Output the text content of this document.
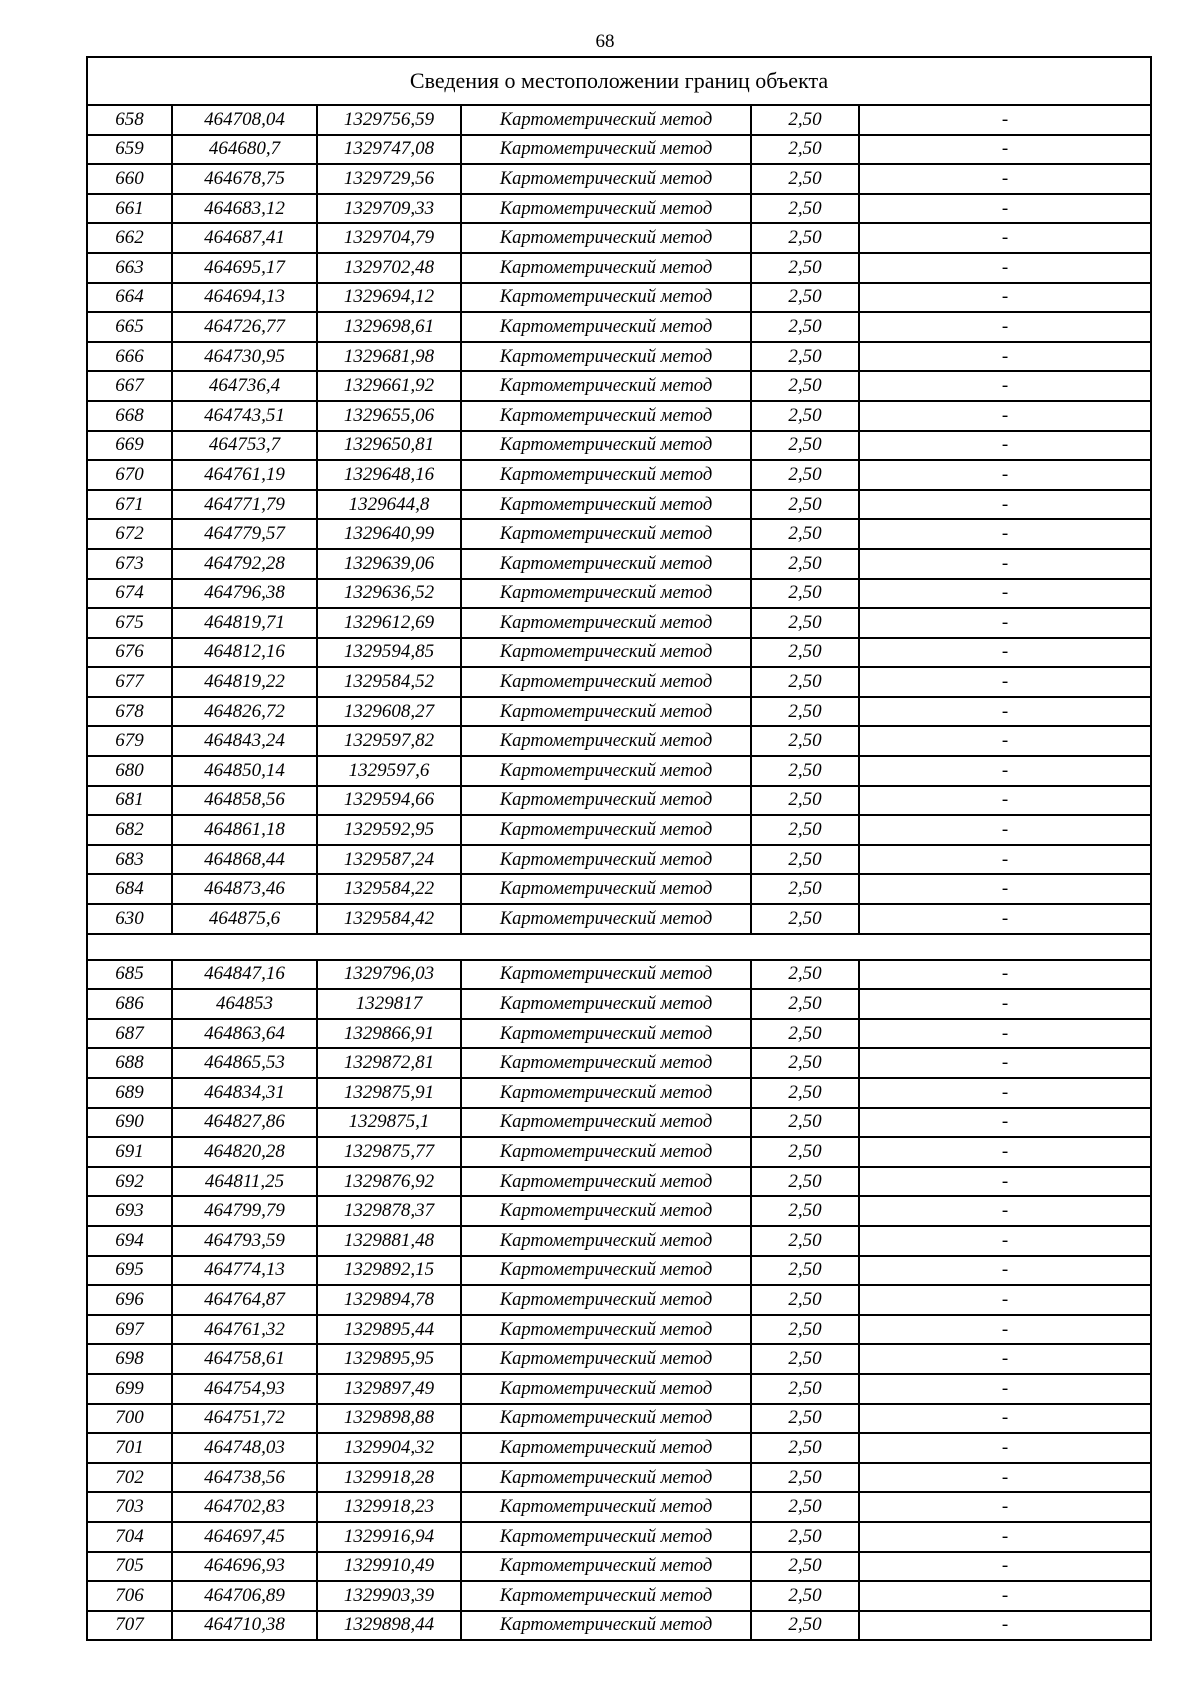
68
Сведения о местоположении границ объекта					
658	464708,04	1329756,59	Картометрический метод	2,50	-
659	464680,7	1329747,08	Картометрический метод	2,50	-
660	464678,75	1329729,56	Картометрический метод	2,50	-
661	464683,12	1329709,33	Картометрический метод	2,50	-
662	464687,41	1329704,79	Картометрический метод	2,50	-
663	464695,17	1329702,48	Картометрический метод	2,50	-
664	464694,13	1329694,12	Картометрический метод	2,50	-
665	464726,77	1329698,61	Картометрический метод	2,50	-
666	464730,95	1329681,98	Картометрический метод	2,50	-
667	464736,4	1329661,92	Картометрический метод	2,50	-
668	464743,51	1329655,06	Картометрический метод	2,50	-
669	464753,7	1329650,81	Картометрический метод	2,50	-
670	464761,19	1329648,16	Картометрический метод	2,50	-
671	464771,79	1329644,8	Картометрический метод	2,50	-
672	464779,57	1329640,99	Картометрический метод	2,50	-
673	464792,28	1329639,06	Картометрический метод	2,50	-
674	464796,38	1329636,52	Картометрический метод	2,50	-
675	464819,71	1329612,69	Картометрический метод	2,50	-
676	464812,16	1329594,85	Картометрический метод	2,50	-
677	464819,22	1329584,52	Картометрический метод	2,50	-
678	464826,72	1329608,27	Картометрический метод	2,50	-
679	464843,24	1329597,82	Картометрический метод	2,50	-
680	464850,14	1329597,6	Картометрический метод	2,50	-
681	464858,56	1329594,66	Картометрический метод	2,50	-
682	464861,18	1329592,95	Картометрический метод	2,50	-
683	464868,44	1329587,24	Картометрический метод	2,50	-
684	464873,46	1329584,22	Картометрический метод	2,50	-
630	464875,6	1329584,42	Картометрический метод	2,50	-

685	464847,16	1329796,03	Картометрический метод	2,50	-
686	464853	1329817	Картометрический метод	2,50	-
687	464863,64	1329866,91	Картометрический метод	2,50	-
688	464865,53	1329872,81	Картометрический метод	2,50	-
689	464834,31	1329875,91	Картометрический метод	2,50	-
690	464827,86	1329875,1	Картометрический метод	2,50	-
691	464820,28	1329875,77	Картометрический метод	2,50	-
692	464811,25	1329876,92	Картометрический метод	2,50	-
693	464799,79	1329878,37	Картометрический метод	2,50	-
694	464793,59	1329881,48	Картометрический метод	2,50	-
695	464774,13	1329892,15	Картометрический метод	2,50	-
696	464764,87	1329894,78	Картометрический метод	2,50	-
697	464761,32	1329895,44	Картометрический метод	2,50	-
698	464758,61	1329895,95	Картометрический метод	2,50	-
699	464754,93	1329897,49	Картометрический метод	2,50	-
700	464751,72	1329898,88	Картометрический метод	2,50	-
701	464748,03	1329904,32	Картометрический метод	2,50	-
702	464738,56	1329918,28	Картометрический метод	2,50	-
703	464702,83	1329918,23	Картометрический метод	2,50	-
704	464697,45	1329916,94	Картометрический метод	2,50	-
705	464696,93	1329910,49	Картометрический метод	2,50	-
706	464706,89	1329903,39	Картометрический метод	2,50	-
707	464710,38	1329898,44	Картометрический метод	2,50	-
